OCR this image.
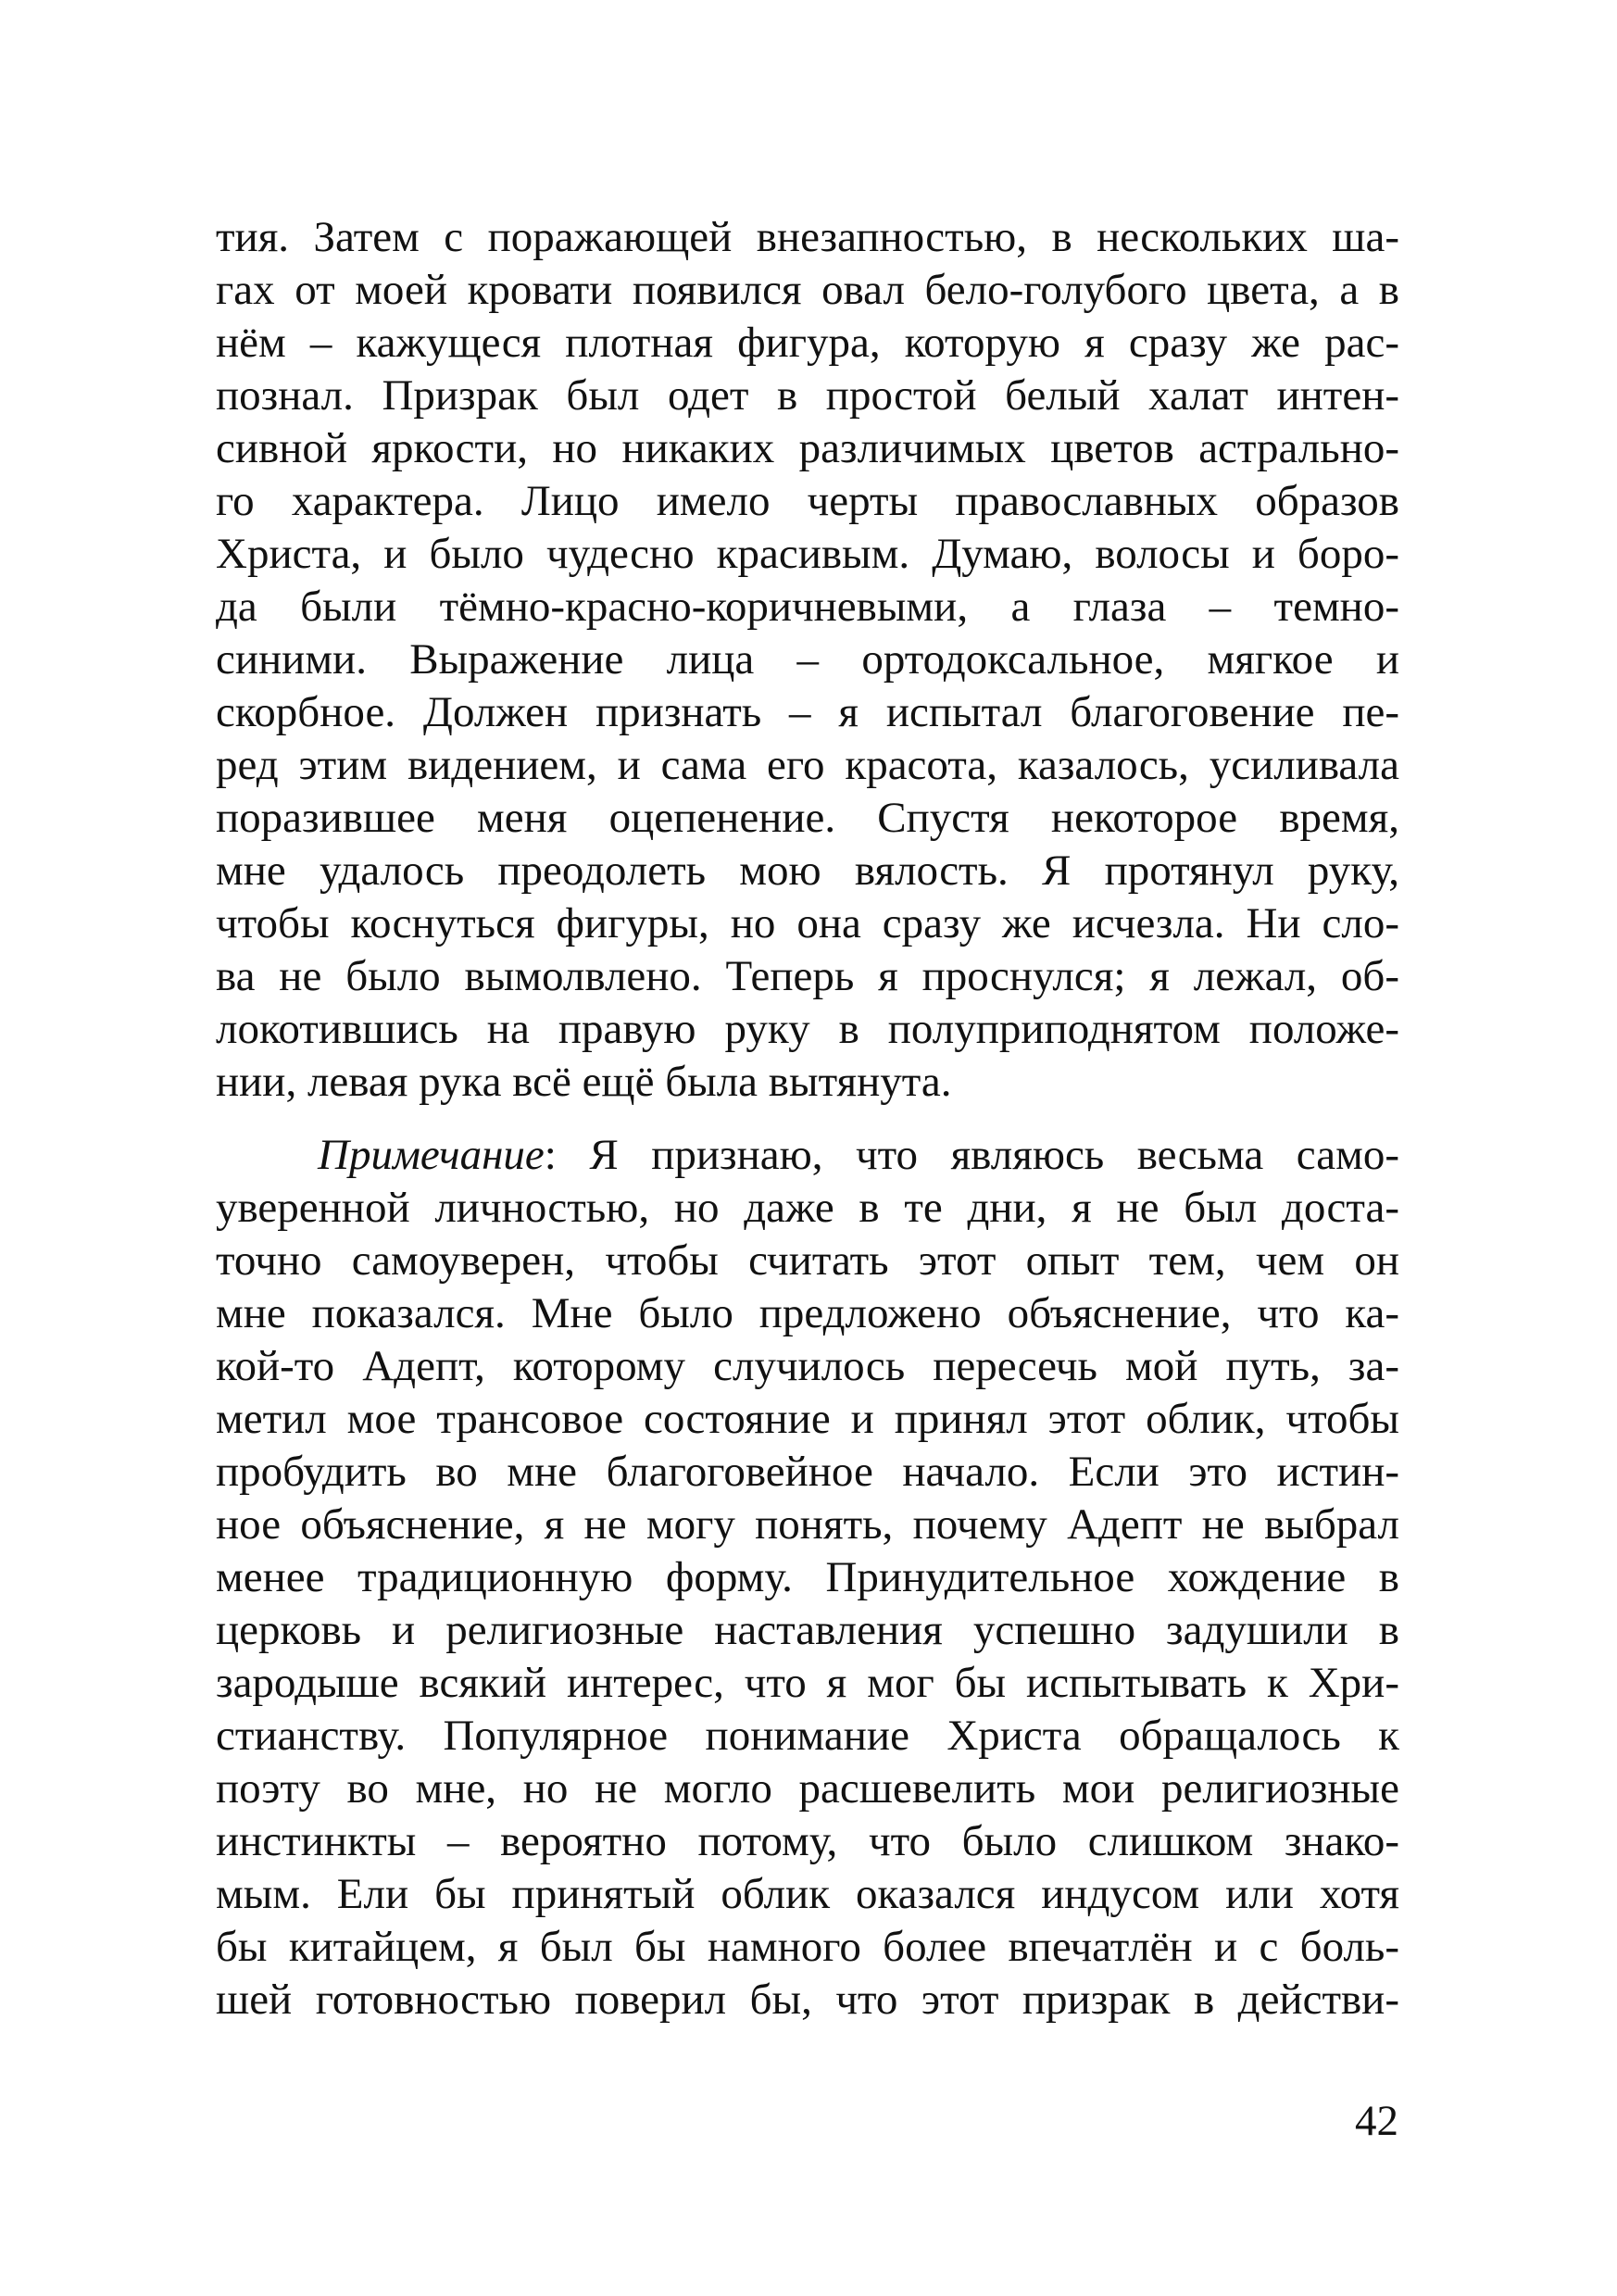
тия. Затем с поражающей внезапностью, в нескольких ша-
гах от моей кровати появился овал бело-голубого цвета, а в
нём – кажущеся плотная фигура, которую я сразу же рас-
познал. Призрак был одет в простой белый халат интен-
сивной яркости, но никаких различимых цветов астрально-
го характера. Лицо имело черты православных образов
Христа, и было чудесно красивым. Думаю, волосы и боро-
да были тёмно-красно-коричневыми, а глаза – темно-
синими. Выражение лица – ортодоксальное, мягкое и
скорбное. Должен признать – я испытал благоговение пе-
ред этим видением, и сама его красота, казалось, усиливала
поразившее меня оцепенение. Спустя некоторое время,
мне удалось преодолеть мою вялость. Я протянул руку,
чтобы коснуться фигуры, но она сразу же исчезла. Ни сло-
ва не было вымолвлено. Теперь я проснулся; я лежал, об-
локотившись на правую руку в полуприподнятом положе-
нии, левая рука всё ещё была вытянута.
Примечание: Я признаю, что являюсь весьма само-
уверенной личностью, но даже в те дни, я не был доста-
точно самоуверен, чтобы считать этот опыт тем, чем он
мне показался. Мне было предложено объяснение, что ка-
кой-то Адепт, которому случилось пересечь мой путь, за-
метил мое трансовое состояние и принял этот облик, чтобы
пробудить во мне благоговейное начало. Если это истин-
ное объяснение, я не могу понять, почему Адепт не выбрал
менее традиционную форму. Принудительное хождение в
церковь и религиозные наставления успешно задушили в
зародыше всякий интерес, что я мог бы испытывать к Хри-
стианству. Популярное понимание Христа обращалось к
поэту во мне, но не могло расшевелить мои религиозные
инстинкты – вероятно потому, что было слишком знако-
мым. Ели бы принятый облик оказался индусом или хотя
бы китайцем, я был бы намного более впечатлён и с боль-
шей готовностью поверил бы, что этот призрак в действи-
42
